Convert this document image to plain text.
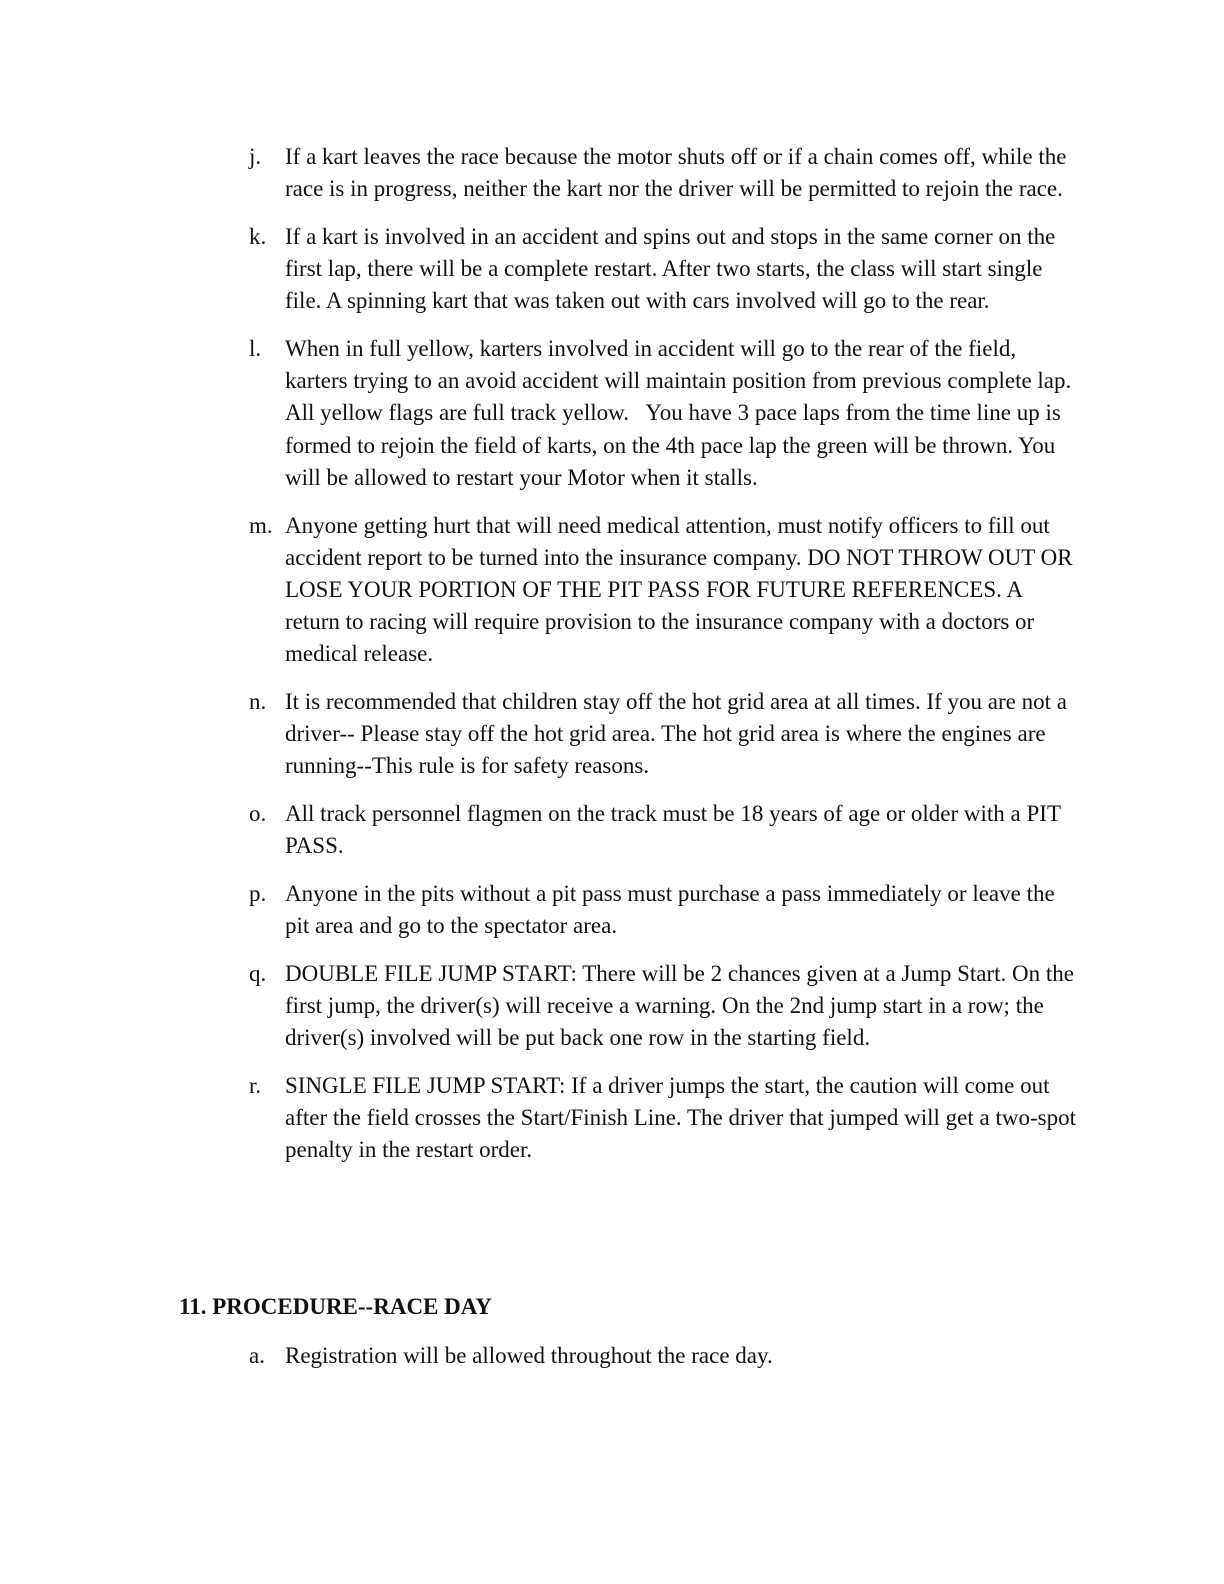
j. If a kart leaves the race because the motor shuts off or if a chain comes off, while the race is in progress, neither the kart nor the driver will be permitted to rejoin the race.
k. If a kart is involved in an accident and spins out and stops in the same corner on the first lap, there will be a complete restart. After two starts, the class will start single file. A spinning kart that was taken out with cars involved will go to the rear.
l. When in full yellow, karters involved in accident will go to the rear of the field, karters trying to an avoid accident will maintain position from previous complete lap. All yellow flags are full track yellow.   You have 3 pace laps from the time line up is formed to rejoin the field of karts, on the 4th pace lap the green will be thrown. You will be allowed to restart your Motor when it stalls.
m. Anyone getting hurt that will need medical attention, must notify officers to fill out accident report to be turned into the insurance company. DO NOT THROW OUT OR LOSE YOUR PORTION OF THE PIT PASS FOR FUTURE REFERENCES. A return to racing will require provision to the insurance company with a doctors or medical release.
n. It is recommended that children stay off the hot grid area at all times. If you are not a driver-- Please stay off the hot grid area. The hot grid area is where the engines are running--This rule is for safety reasons.
o. All track personnel flagmen on the track must be 18 years of age or older with a PIT PASS.
p. Anyone in the pits without a pit pass must purchase a pass immediately or leave the pit area and go to the spectator area.
q. DOUBLE FILE JUMP START: There will be 2 chances given at a Jump Start. On the first jump, the driver(s) will receive a warning. On the 2nd jump start in a row; the driver(s) involved will be put back one row in the starting field.
r. SINGLE FILE JUMP START: If a driver jumps the start, the caution will come out after the field crosses the Start/Finish Line. The driver that jumped will get a two-spot penalty in the restart order.
11. PROCEDURE--RACE DAY
a. Registration will be allowed throughout the race day.
